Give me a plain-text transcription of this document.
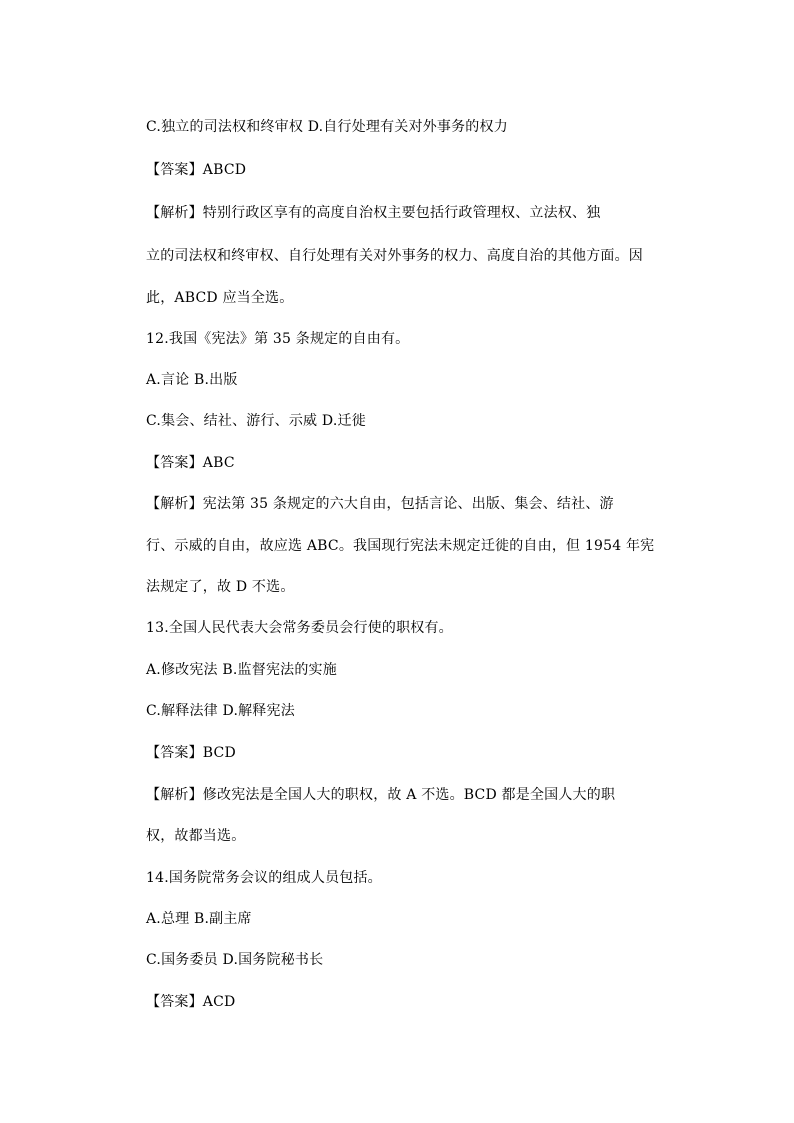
C.独立的司法权和终审权 D.自行处理有关对外事务的权力
【答案】ABCD
【解析】特别行政区享有的高度自治权主要包括行政管理权、立法权、独
立的司法权和终审权、自行处理有关对外事务的权力、高度自治的其他方面。因
此，ABCD 应当全选。
12.我国《宪法》第 35 条规定的自由有。
A.言论 B.出版
C.集会、结社、游行、示威 D.迁徙
【答案】ABC
【解析】宪法第 35 条规定的六大自由，包括言论、出版、集会、结社、游
行、示威的自由，故应选 ABC。我国现行宪法未规定迁徙的自由，但 1954 年宪
法规定了，故 D 不选。
13.全国人民代表大会常务委员会行使的职权有。
A.修改宪法 B.监督宪法的实施
C.解释法律 D.解释宪法
【答案】BCD
【解析】修改宪法是全国人大的职权，故 A 不选。BCD 都是全国人大的职
权，故都当选。
14.国务院常务会议的组成人员包括。
A.总理 B.副主席
C.国务委员 D.国务院秘书长
【答案】ACD
